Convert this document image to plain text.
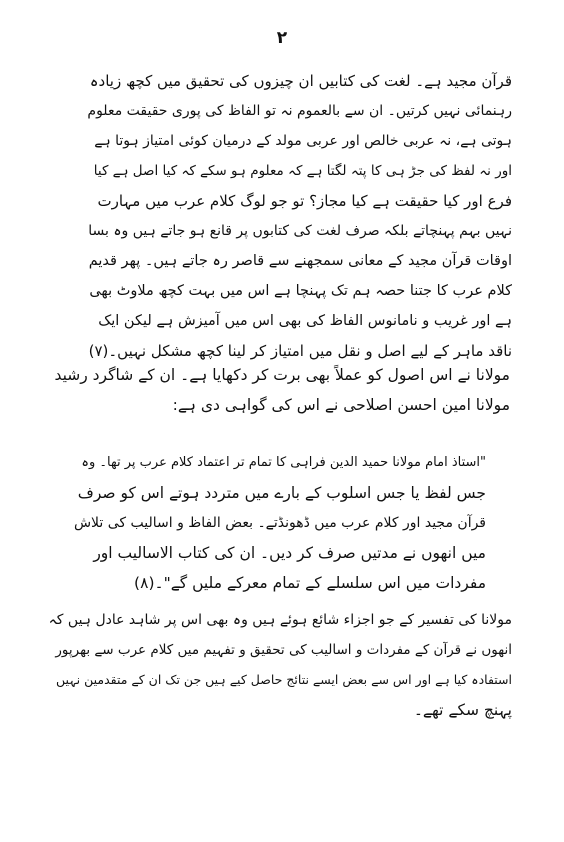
۲
قرآن مجید ہے۔ لغت کی کتابیں ان چیزوں کی تحقیق میں کچھ زیادہ
رہنمائی نہیں کرتیں۔ ان سے بالعموم نہ تو الفاظ کی پوری حقیقت معلوم
ہوتی ہے، نہ عربی خالص اور عربی مولد کے درمیان کوئی امتیاز ہوتا ہے
اور نہ لفظ کی جڑ ہی کا پتہ لگتا ہے کہ معلوم ہو سکے کہ کیا اصل ہے کیا
فرع اور کیا حقیقت ہے کیا مجاز؟ تو جو لوگ کلام عرب میں مہارت
نہیں بہم پہنچاتے بلکہ صرف لغت کی کتابوں پر قانع ہو جاتے ہیں وہ بسا
اوقات قرآن مجید کے معانی سمجھنے سے قاصر رہ جاتے ہیں۔ پھر قدیم
کلام عرب کا جتنا حصہ ہم تک پہنچا ہے اس میں بہت کچھ ملاوٹ بھی
ہے اور غریب و نامانوس الفاظ کی بھی اس میں آمیزش ہے لیکن ایک
ناقد ماہر کے لیے اصل و نقل میں امتیاز کر لینا کچھ مشکل نہیں۔(۷)
مولانا نے اس اصول کو عملاً بھی برت کر دکھایا ہے۔ ان کے شاگرد رشید
مولانا امین احسن اصلاحی نے اس کی گواہی دی ہے:
"استاذ امام مولانا حمید الدین فراہی کا تمام تر اعتماد کلام عرب پر تھا۔ وہ
جس لفظ یا جس اسلوب کے بارے میں متردد ہوتے اس کو صرف
قرآن مجید اور کلام عرب میں ڈھونڈتے۔ بعض الفاظ و اسالیب کی تلاش
میں انھوں نے مدتیں صرف کر دیں۔ ان کی کتاب الاسالیب اور
مفردات میں اس سلسلے کے تمام معرکے ملیں گے"۔(۸)
مولانا کی تفسیر کے جو اجزاء شائع ہوئے ہیں وہ بھی اس پر شاہد عادل ہیں کہ
انھوں نے قرآن کے مفردات و اسالیب کی تحقیق و تفہیم میں کلام عرب سے بھرپور
استفادہ کیا ہے اور اس سے بعض ایسے نتائج حاصل کیے ہیں جن تک ان کے متقدمین نہیں
پہنچ سکے تھے۔
